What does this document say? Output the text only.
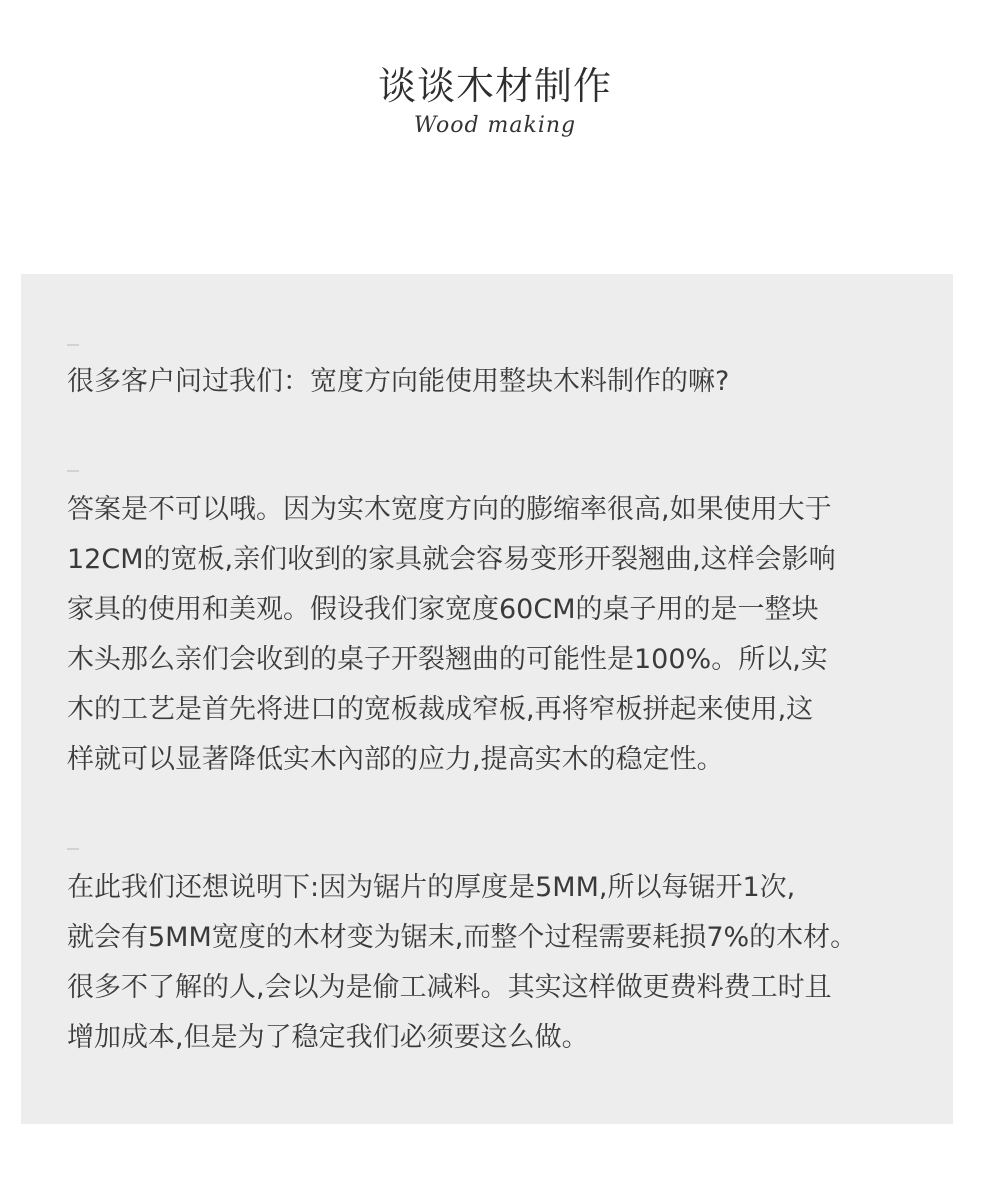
谈谈木材制作
Wood making

很多客户问过我们：宽度方向能使用整块木料制作的嘛?

答案是不可以哦。因为实木宽度方向的膨缩率很高,如果使用大于
12CM的宽板,亲们收到的家具就会容易变形开裂翘曲,这样会影响
家具的使用和美观。假设我们家宽度60CM的桌子用的是一整块
木头那么亲们会收到的桌子开裂翘曲的可能性是100%。所以,实
木的工艺是首先将进口的宽板裁成窄板,再将窄板拼起来使用,这
样就可以显著降低实木內部的应力,提高实木的稳定性。

在此我们还想说明下:因为锯片的厚度是5MM,所以每锯开1次,
就会有5MM宽度的木材变为锯末,而整个过程需要耗损7%的木材。
很多不了解的人,会以为是偷工减料。其实这样做更费料费工时且
增加成本,但是为了稳定我们必须要这么做。
